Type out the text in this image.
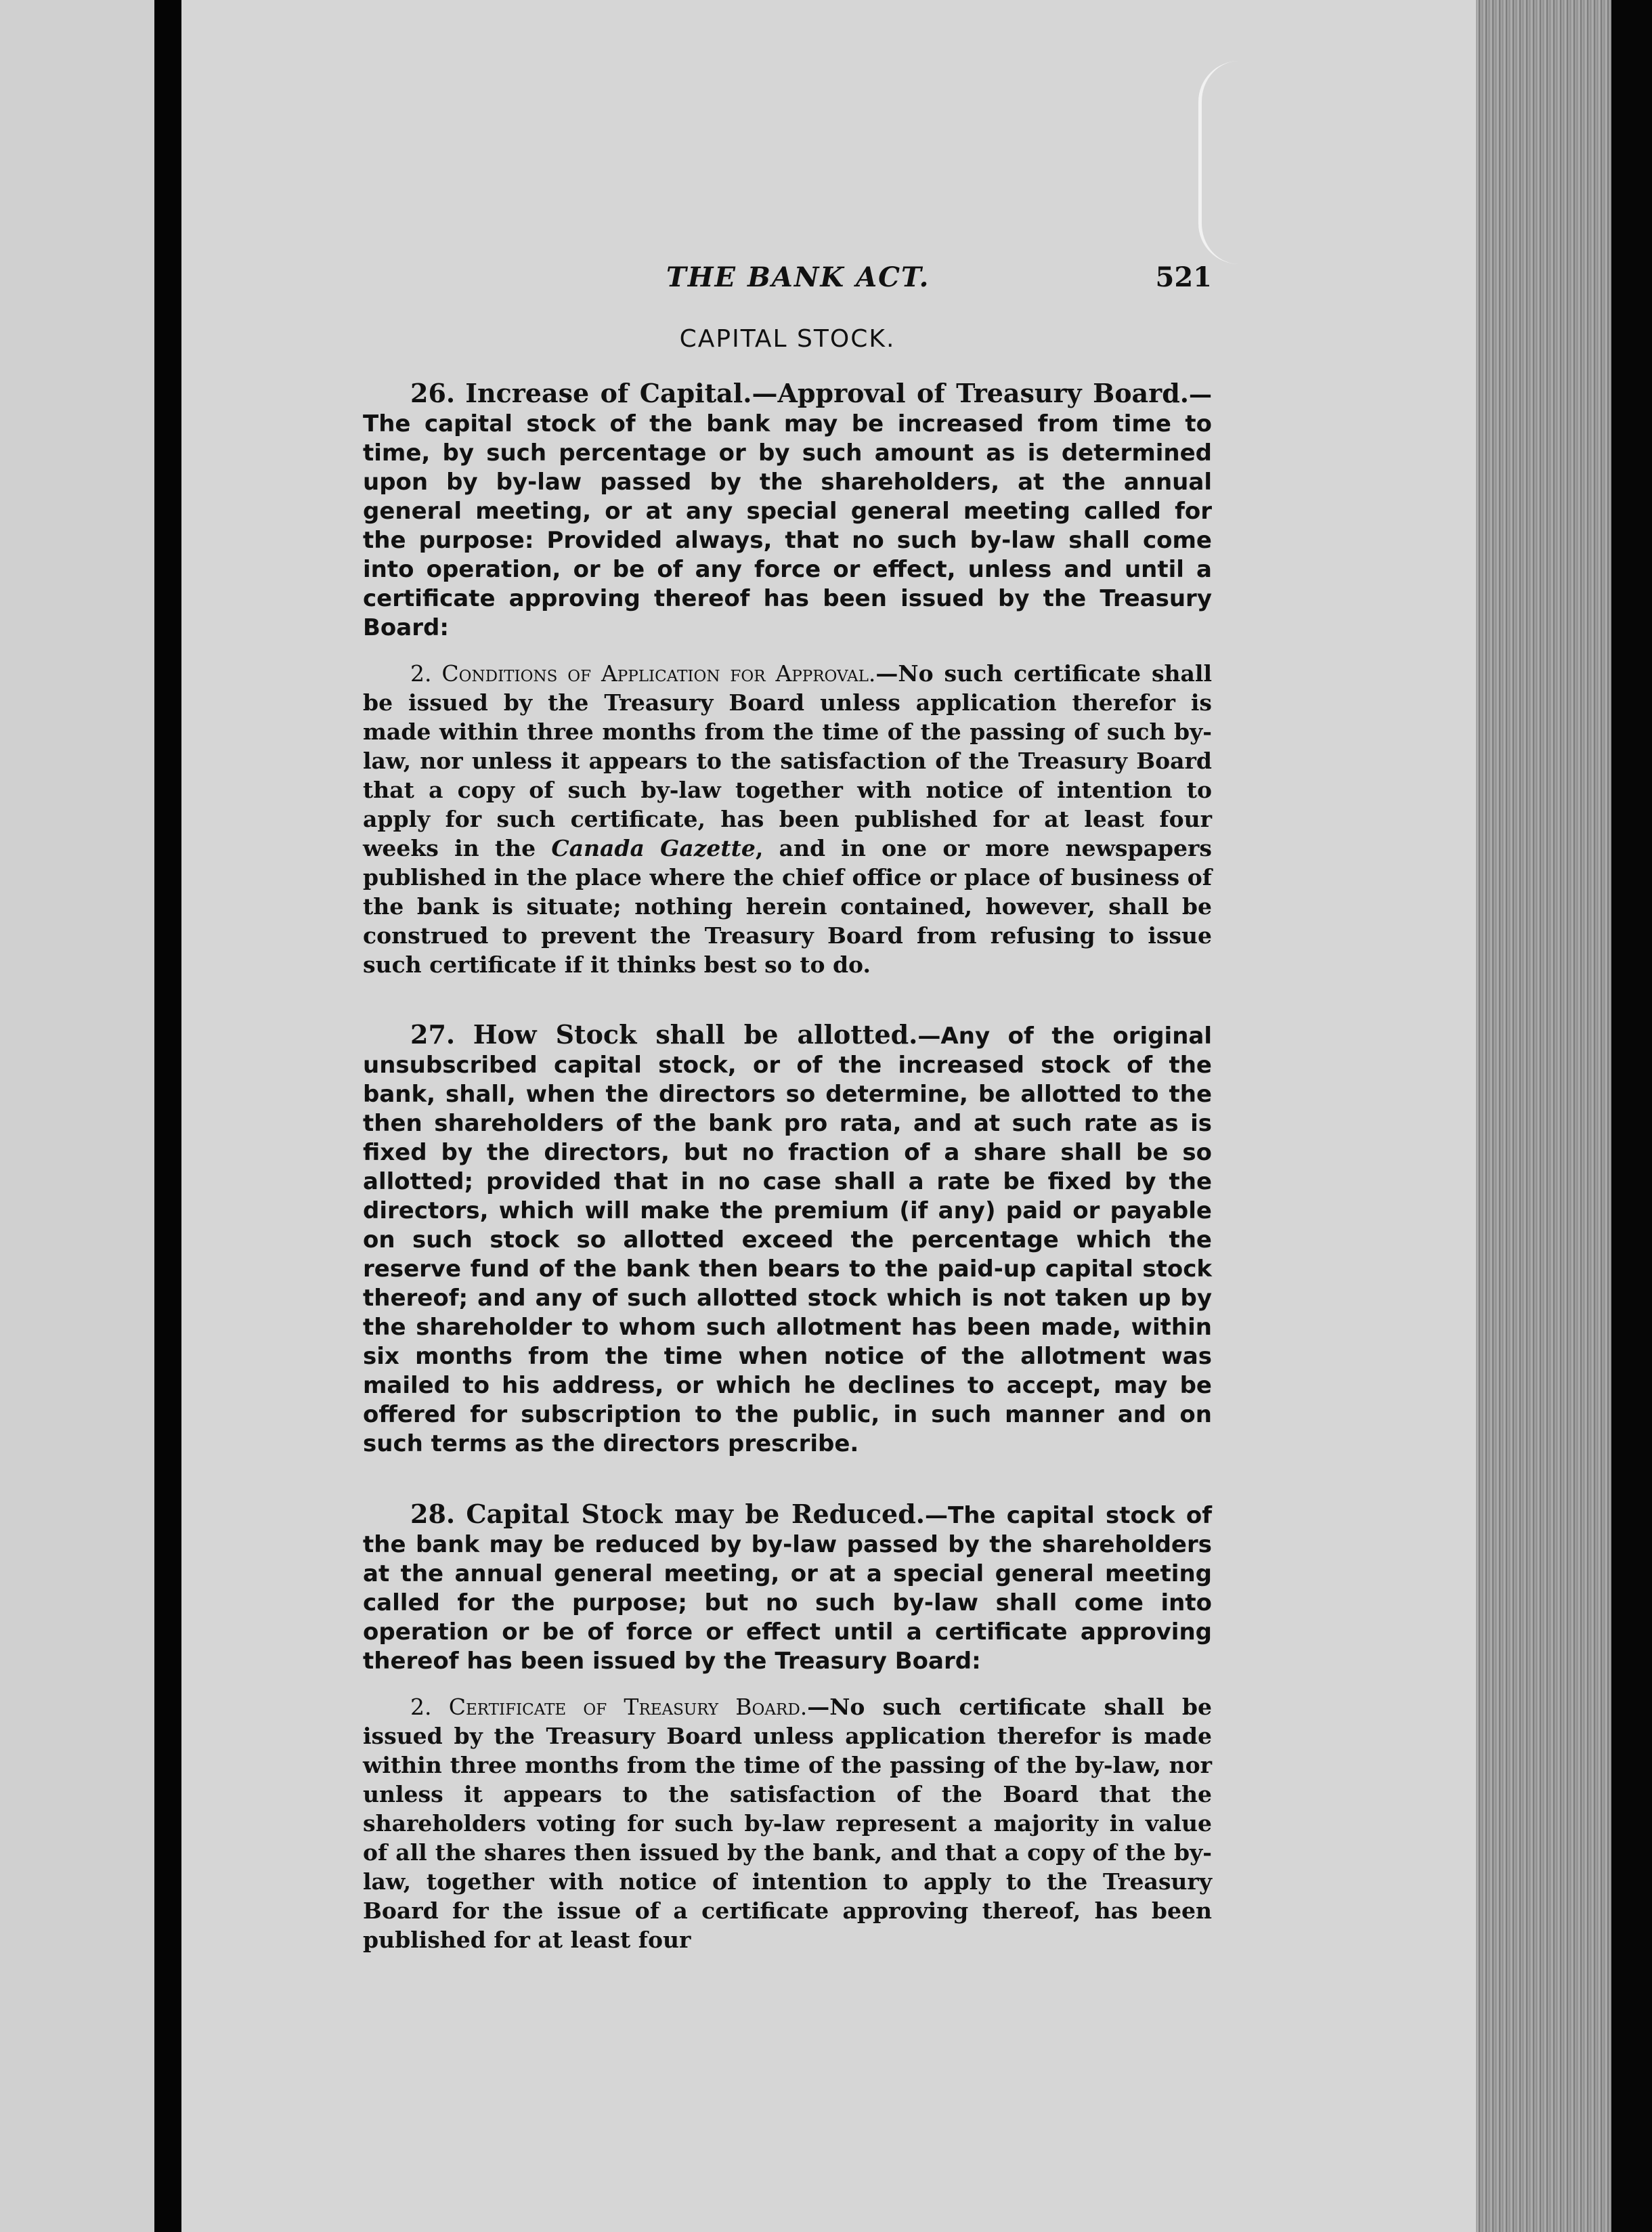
THE BANK ACT.	521
CAPITAL STOCK.

26. Increase of Capital.—Approval of Treasury Board.—The capital stock of the bank may be increased from time to time, by such percentage or by such amount as is determined upon by by-law passed by the shareholders, at the annual general meeting, or at any special general meeting called for the purpose: Provided always, that no such by-law shall come into operation, or be of any force or effect, unless and until a certificate approving thereof has been issued by the Treasury Board:

2. Conditions of Application for Approval.—No such certificate shall be issued by the Treasury Board unless application therefor is made within three months from the time of the passing of such by-law, nor unless it appears to the satisfaction of the Treasury Board that a copy of such by-law together with notice of intention to apply for such certificate, has been published for at least four weeks in the Canada Gazette, and in one or more newspapers published in the place where the chief office or place of business of the bank is situate; nothing herein contained, however, shall be construed to prevent the Treasury Board from refusing to issue such certificate if it thinks best so to do.

27. How Stock shall be allotted.—Any of the original unsubscribed capital stock, or of the increased stock of the bank, shall, when the directors so determine, be allotted to the then shareholders of the bank pro rata, and at such rate as is fixed by the directors, but no fraction of a share shall be so allotted; provided that in no case shall a rate be fixed by the directors, which will make the premium (if any) paid or payable on such stock so allotted exceed the percentage which the reserve fund of the bank then bears to the paid-up capital stock thereof; and any of such allotted stock which is not taken up by the shareholder to whom such allotment has been made, within six months from the time when notice of the allotment was mailed to his address, or which he declines to accept, may be offered for subscription to the public, in such manner and on such terms as the directors prescribe.

28. Capital Stock may be Reduced.—The capital stock of the bank may be reduced by by-law passed by the shareholders at the annual general meeting, or at a special general meeting called for the purpose; but no such by-law shall come into operation or be of force or effect until a certificate approving thereof has been issued by the Treasury Board:

2. Certificate of Treasury Board.—No such certificate shall be issued by the Treasury Board unless application therefor is made within three months from the time of the passing of the by-law, nor unless it appears to the satisfaction of the Board that the shareholders voting for such by-law represent a majority in value of all the shares then issued by the bank, and that a copy of the by-law, together with notice of intention to apply to the Treasury Board for the issue of a certificate approving thereof, has been published for at least four
